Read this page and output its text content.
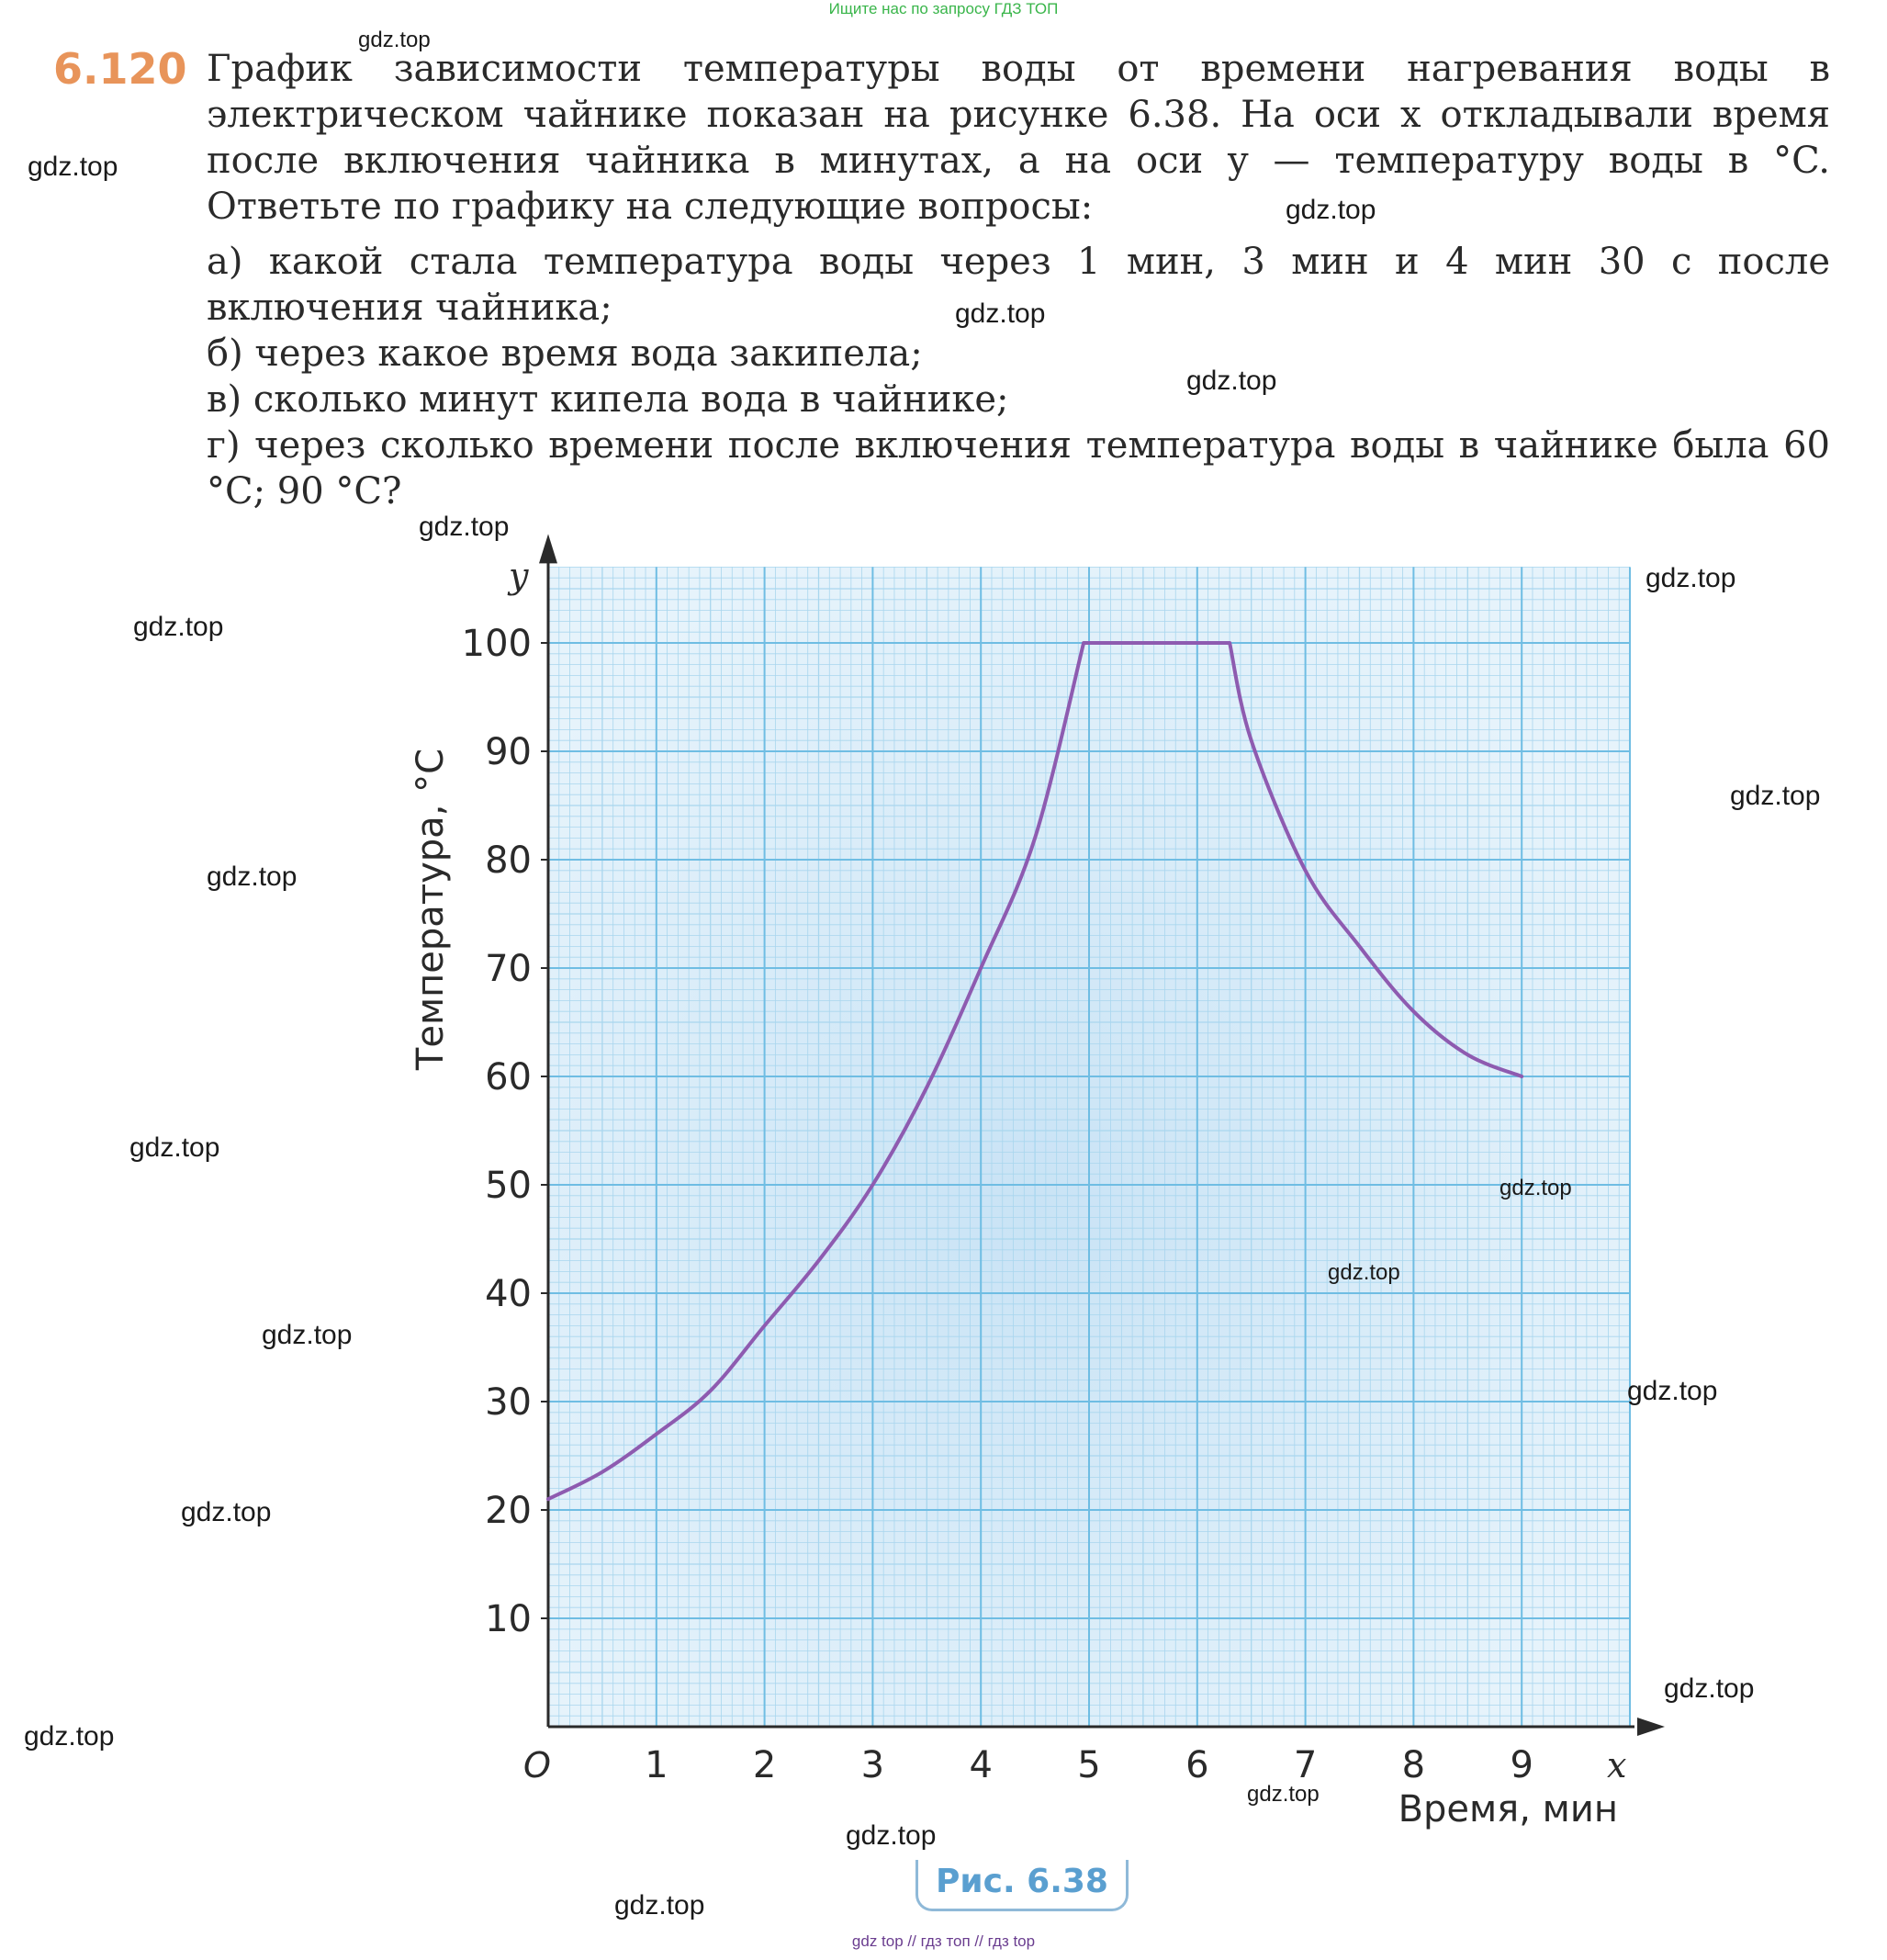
Ищите нас по запросу ГДЗ ТОП
6.120 График зависимости температуры воды от времени нагревания воды в электрическом чайнике показан на рисунке 6.38. На оси x откладывали время после включения чайника в минутах, а на оси y — температуру воды в °C. Ответьте по графику на следующие вопросы:

а) какой стала температура воды через 1 мин, 3 мин и 4 мин 30 с после включения чайника;

б) через какое время вода закипела;

в) сколько минут кипела вода в чайнике;

г) через сколько времени после включения температура воды в чайнике была 60 °C; 90 °C?

1 2 3 4 5 6 7 8 9
10
20
30
40
50
60
70
80
90
100
y
x
O
Температура, °C
Время, мин
Рис. 6.38
gdz.top
gdz.top
gdz.top
gdz.top
gdz.top
gdz.top
gdz.top
gdz.top
gdz.top
gdz.top
gdz.top
gdz.top
gdz.top
gdz.top
gdz.top
gdz.top
gdz.top
gdz.top
gdz.top
gdz.top
gdz.top
gdz top // гдз топ // гдз top
